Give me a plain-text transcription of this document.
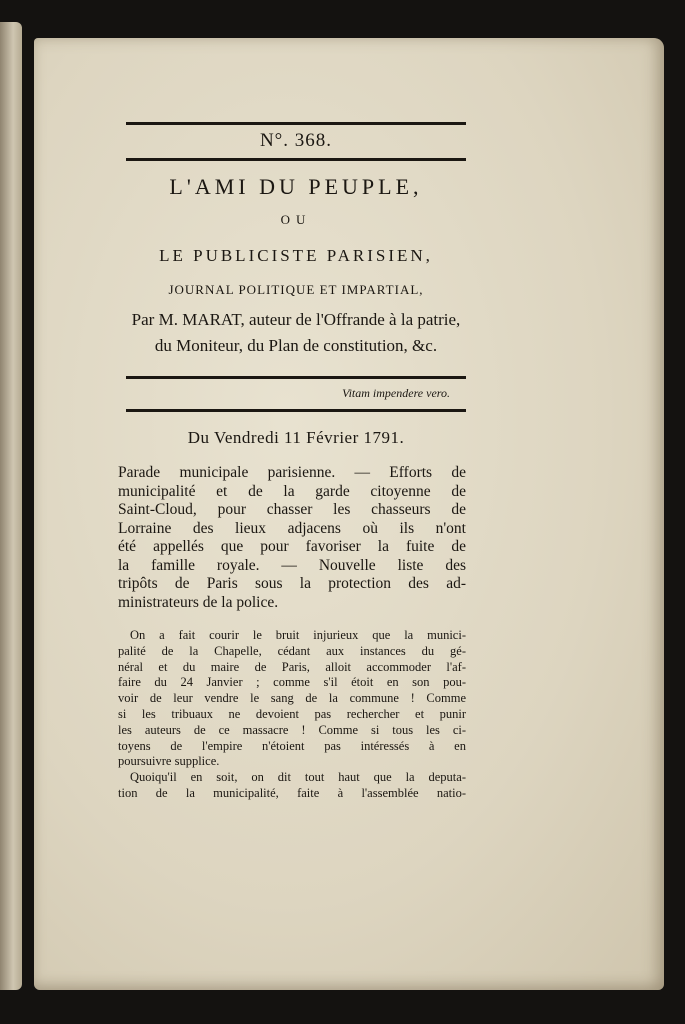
N°. 368.
L'AMI DU PEUPLE,
OU
LE PUBLICISTE PARISIEN,
JOURNAL POLITIQUE ET IMPARTIAL,
Par M. MARAT, auteur de l'Offrande à la patrie,
du Moniteur, du Plan de constitution, &c.
Vitam impendere vero.
Du Vendredi 11 Février 1791.
Parade municipale parisienne. — Efforts de
municipalité et de la garde citoyenne de
Saint-Cloud, pour chasser les chasseurs de
Lorraine des lieux adjacens où ils n'ont
été appellés que pour favoriser la fuite de
la famille royale. — Nouvelle liste des
tripôts de Paris sous la protection des ad-
ministrateurs de la police.
On a fait courir le bruit injurieux que la munici-
palité de la Chapelle, cédant aux instances du gé-
néral et du maire de Paris, alloit accommoder l'af-
faire du 24 Janvier ; comme s'il étoit en son pou-
voir de leur vendre le sang de la commune ! Comme
si les tribuaux ne devoient pas rechercher et punir
les auteurs de ce massacre ! Comme si tous les ci-
toyens de l'empire n'étoient pas intéressés à en
poursuivre supplice.
Quoiqu'il en soit, on dit tout haut que la deputa-
tion de la municipalité, faite à l'assemblée natio-
